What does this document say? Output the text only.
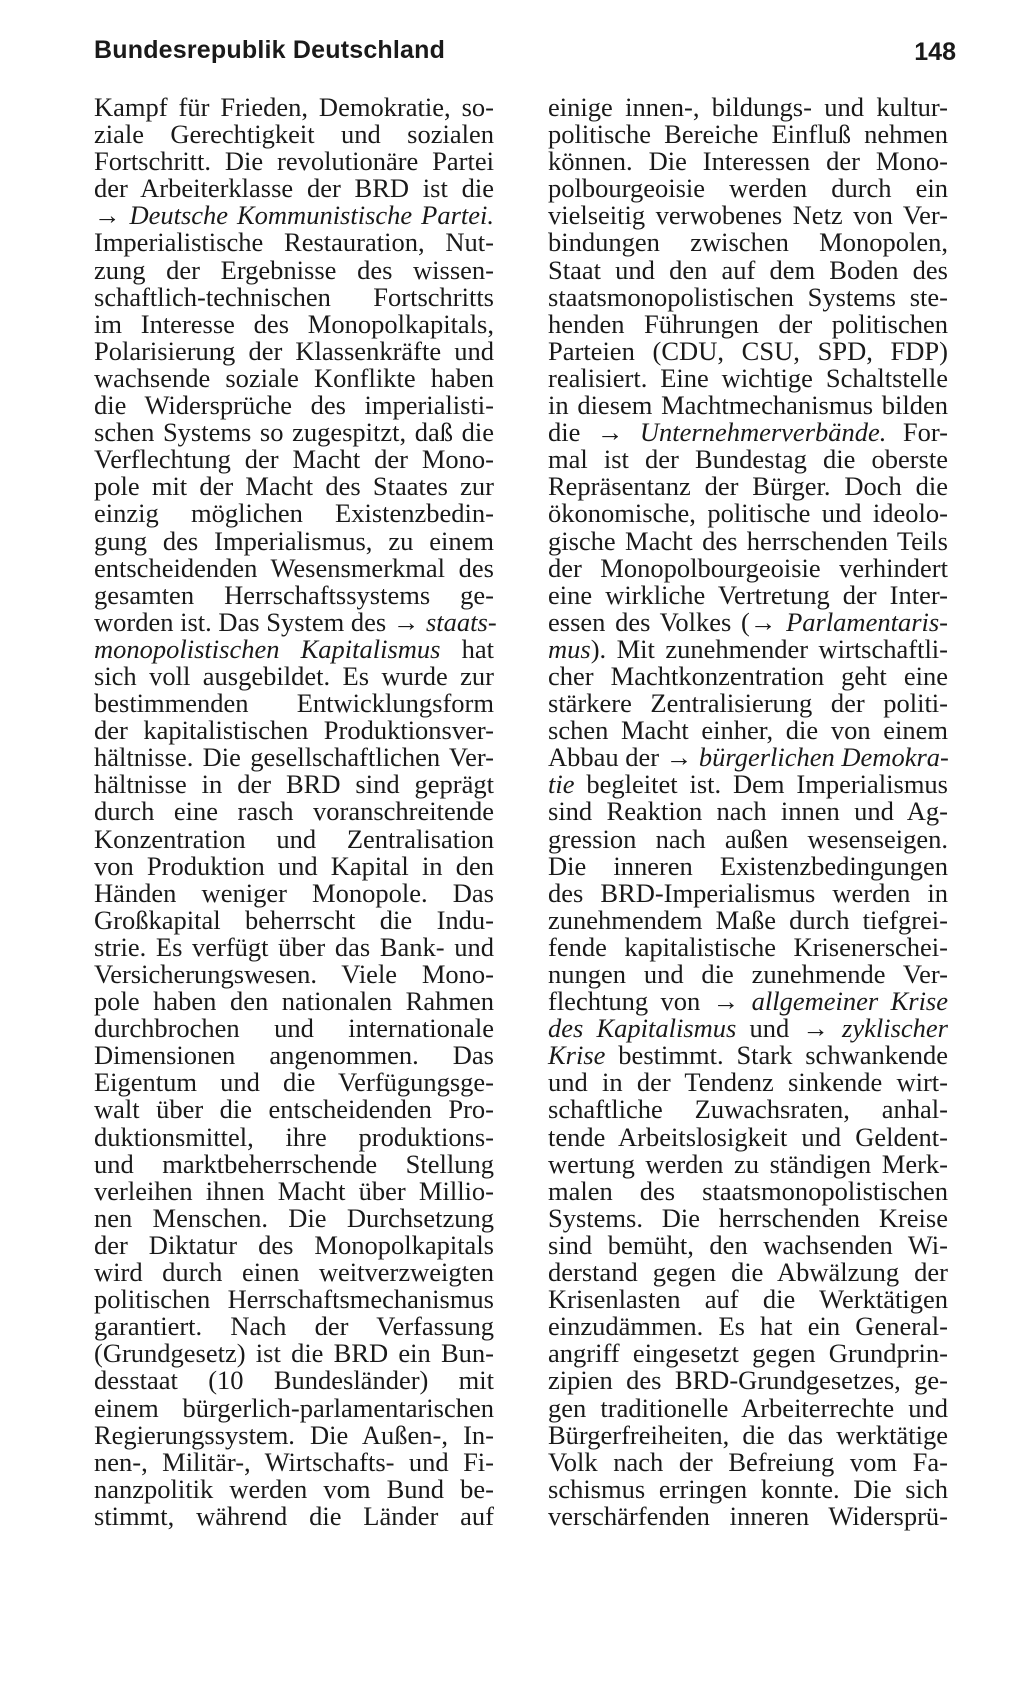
Bundesrepublik Deutschland	148
Kampf für Frieden, Demokratie, so-
ziale Gerechtigkeit und sozialen
Fortschritt. Die revolutionäre Partei
der Arbeiterklasse der BRD ist die
→ Deutsche Kommunistische Partei.
Imperialistische Restauration, Nut-
zung der Ergebnisse des wissen-
schaftlich-technischen Fortschritts
im Interesse des Monopolkapitals,
Polarisierung der Klassenkräfte und
wachsende soziale Konflikte haben
die Widersprüche des imperialisti-
schen Systems so zugespitzt, daß die
Verflechtung der Macht der Mono-
pole mit der Macht des Staates zur
einzig möglichen Existenzbedin-
gung des Imperialismus, zu einem
entscheidenden Wesensmerkmal des
gesamten Herrschaftssystems ge-
worden ist. Das System des → staats-
monopolistischen Kapitalismus hat
sich voll ausgebildet. Es wurde zur
bestimmenden Entwicklungsform
der kapitalistischen Produktionsver-
hältnisse. Die gesellschaftlichen Ver-
hältnisse in der BRD sind geprägt
durch eine rasch voranschreitende
Konzentration und Zentralisation
von Produktion und Kapital in den
Händen weniger Monopole. Das
Großkapital beherrscht die Indu-
strie. Es verfügt über das Bank- und
Versicherungswesen. Viele Mono-
pole haben den nationalen Rahmen
durchbrochen und internationale
Dimensionen angenommen. Das
Eigentum und die Verfügungsge-
walt über die entscheidenden Pro-
duktionsmittel, ihre produktions-
und marktbeherrschende Stellung
verleihen ihnen Macht über Millio-
nen Menschen. Die Durchsetzung
der Diktatur des Monopolkapitals
wird durch einen weitverzweigten
politischen Herrschaftsmechanismus
garantiert. Nach der Verfassung
(Grundgesetz) ist die BRD ein Bun-
desstaat (10 Bundesländer) mit
einem bürgerlich-parlamentarischen
Regierungssystem. Die Außen-, In-
nen-, Militär-, Wirtschafts- und Fi-
nanzpolitik werden vom Bund be-
stimmt, während die Länder auf
einige innen-, bildungs- und kultur-
politische Bereiche Einfluß nehmen
können. Die Interessen der Mono-
polbourgeoisie werden durch ein
vielseitig verwobenes Netz von Ver-
bindungen zwischen Monopolen,
Staat und den auf dem Boden des
staatsmonopolistischen Systems ste-
henden Führungen der politischen
Parteien (CDU, CSU, SPD, FDP)
realisiert. Eine wichtige Schaltstelle
in diesem Machtmechanismus bilden
die → Unternehmerverbände. For-
mal ist der Bundestag die oberste
Repräsentanz der Bürger. Doch die
ökonomische, politische und ideolo-
gische Macht des herrschenden Teils
der Monopolbourgeoisie verhindert
eine wirkliche Vertretung der Inter-
essen des Volkes (→ Parlamentaris-
mus). Mit zunehmender wirtschaftli-
cher Machtkonzentration geht eine
stärkere Zentralisierung der politi-
schen Macht einher, die von einem
Abbau der → bürgerlichen Demokra-
tie begleitet ist. Dem Imperialismus
sind Reaktion nach innen und Ag-
gression nach außen wesenseigen.
Die inneren Existenzbedingungen
des BRD-Imperialismus werden in
zunehmendem Maße durch tiefgrei-
fende kapitalistische Krisenerschei-
nungen und die zunehmende Ver-
flechtung von → allgemeiner Krise
des Kapitalismus und → zyklischer
Krise bestimmt. Stark schwankende
und in der Tendenz sinkende wirt-
schaftliche Zuwachsraten, anhal-
tende Arbeitslosigkeit und Geldent-
wertung werden zu ständigen Merk-
malen des staatsmonopolistischen
Systems. Die herrschenden Kreise
sind bemüht, den wachsenden Wi-
derstand gegen die Abwälzung der
Krisenlasten auf die Werktätigen
einzudämmen. Es hat ein General-
angriff eingesetzt gegen Grundprin-
zipien des BRD-Grundgesetzes, ge-
gen traditionelle Arbeiterrechte und
Bürgerfreiheiten, die das werktätige
Volk nach der Befreiung vom Fa-
schismus erringen konnte. Die sich
verschärfenden inneren Widersprü-
